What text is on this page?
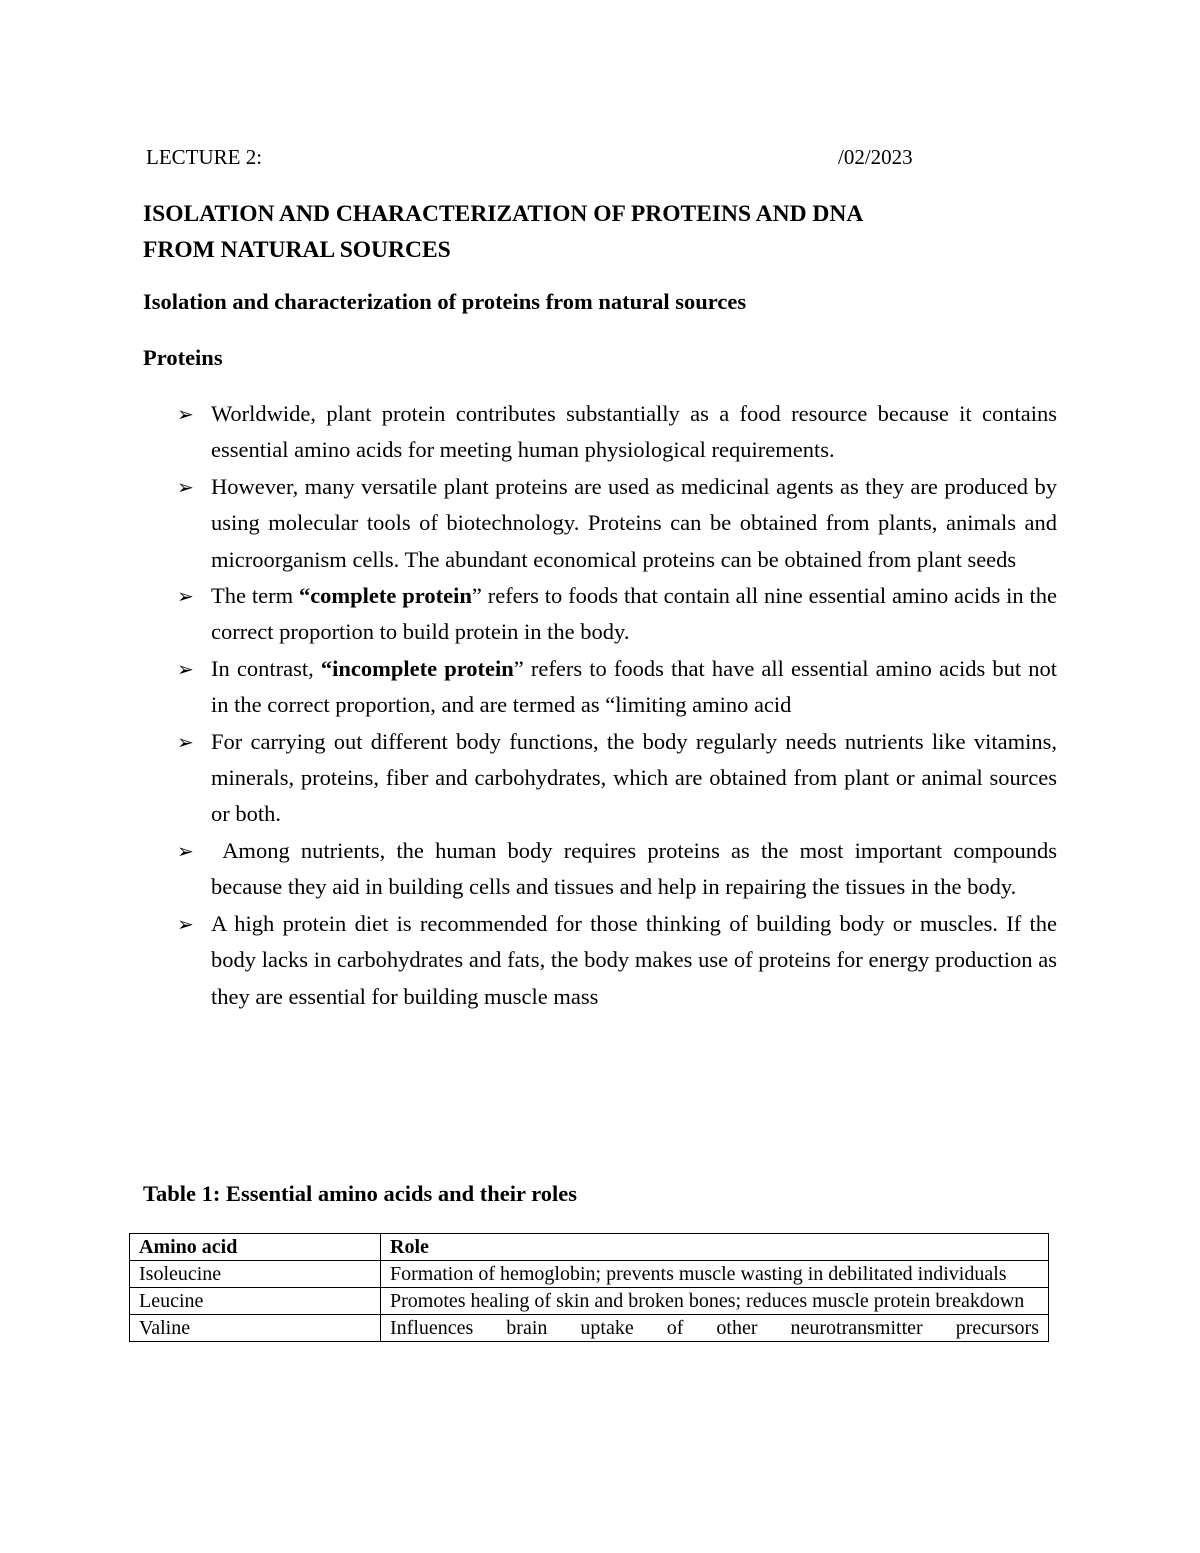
LECTURE 2:	/02/2023
ISOLATION AND CHARACTERIZATION OF PROTEINS AND DNA
FROM NATURAL SOURCES
Isolation and characterization of proteins from natural sources
Proteins
➢ Worldwide, plant protein contributes substantially as a food resource because it contains essential amino acids for meeting human physiological requirements.
➢ However, many versatile plant proteins are used as medicinal agents as they are produced by using molecular tools of biotechnology. Proteins can be obtained from plants, animals and microorganism cells. The abundant economical proteins can be obtained from plant seeds
➢ The term “complete protein” refers to foods that contain all nine essential amino acids in the correct proportion to build protein in the body.
➢ In contrast, “incomplete protein” refers to foods that have all essential amino acids but not in the correct proportion, and are termed as “limiting amino acid
➢ For carrying out different body functions, the body regularly needs nutrients like vitamins, minerals, proteins, fiber and carbohydrates, which are obtained from plant or animal sources or both.
➢ Among nutrients, the human body requires proteins as the most important compounds because they aid in building cells and tissues and help in repairing the tissues in the body.
➢ A high protein diet is recommended for those thinking of building body or muscles. If the body lacks in carbohydrates and fats, the body makes use of proteins for energy production as they are essential for building muscle mass

Table 1: Essential amino acids and their roles

Amino acid	Role
Isoleucine	Formation of hemoglobin; prevents muscle wasting in debilitated individuals
Leucine	Promotes healing of skin and broken bones; reduces muscle protein breakdown
Valine	Influences brain uptake of other neurotransmitter precursors
